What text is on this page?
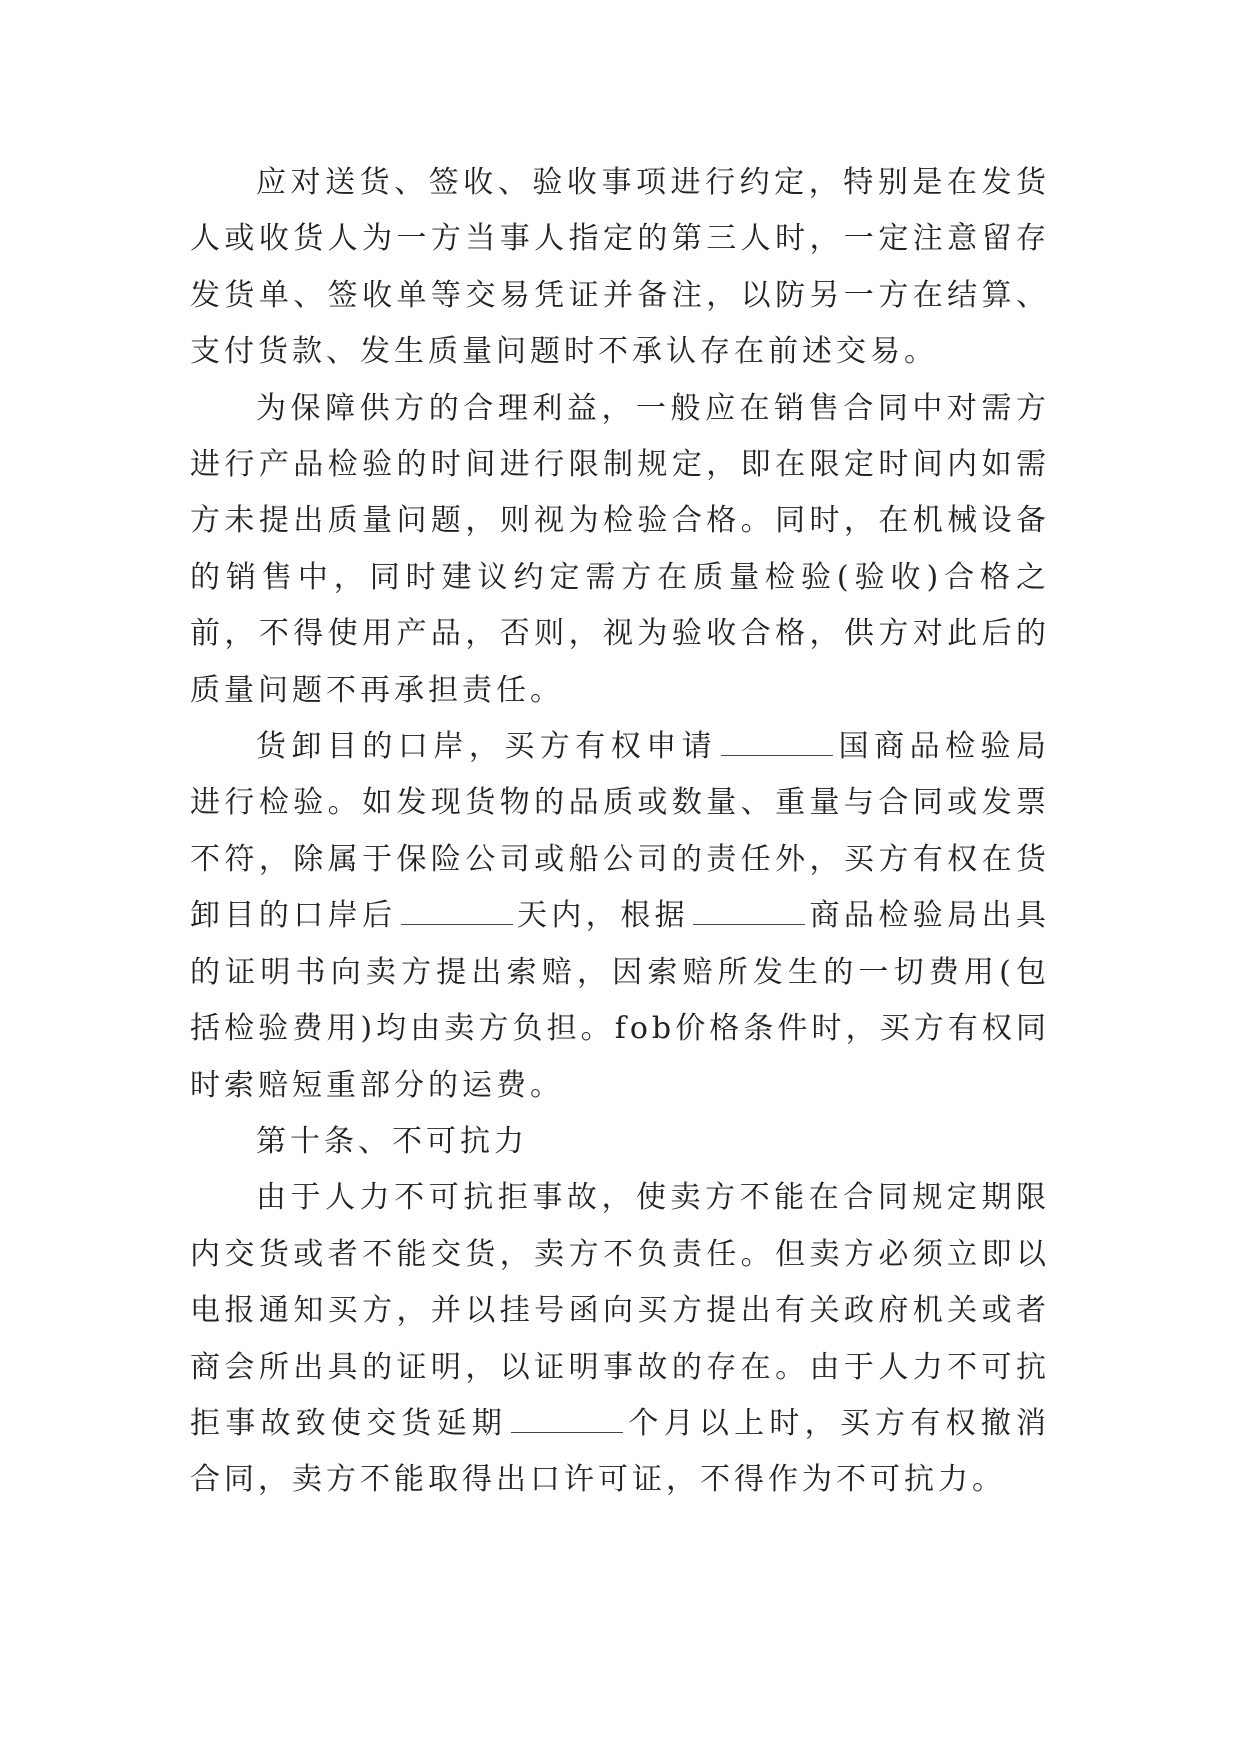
应对送货、签收、验收事项进行约定，特别是在发货人或收货人为一方当事人指定的第三人时，一定注意留存发货单、签收单等交易凭证并备注，以防另一方在结算、支付货款、发生质量问题时不承认存在前述交易。

为保障供方的合理利益，一般应在销售合同中对需方进行产品检验的时间进行限制规定，即在限定时间内如需方未提出质量问题，则视为检验合格。同时，在机械设备的销售中，同时建议约定需方在质量检验(验收)合格之前，不得使用产品，否则，视为验收合格，供方对此后的质量问题不再承担责任。

货卸目的口岸，买方有权申请	国商品检验局进行检验。如发现货物的品质或数量、重量与合同或发票不符，除属于保险公司或船公司的责任外，买方有权在货卸目的口岸后	天内，根据	商品检验局出具的证明书向卖方提出索赔，因索赔所发生的一切费用(包括检验费用)均由卖方负担。fob价格条件时，买方有权同时索赔短重部分的运费。

第十条、不可抗力

由于人力不可抗拒事故，使卖方不能在合同规定期限内交货或者不能交货，卖方不负责任。但卖方必须立即以电报通知买方，并以挂号函向买方提出有关政府机关或者商会所出具的证明，以证明事故的存在。由于人力不可抗拒事故致使交货延期	个月以上时，买方有权撤消合同，卖方不能取得出口许可证，不得作为不可抗力。
